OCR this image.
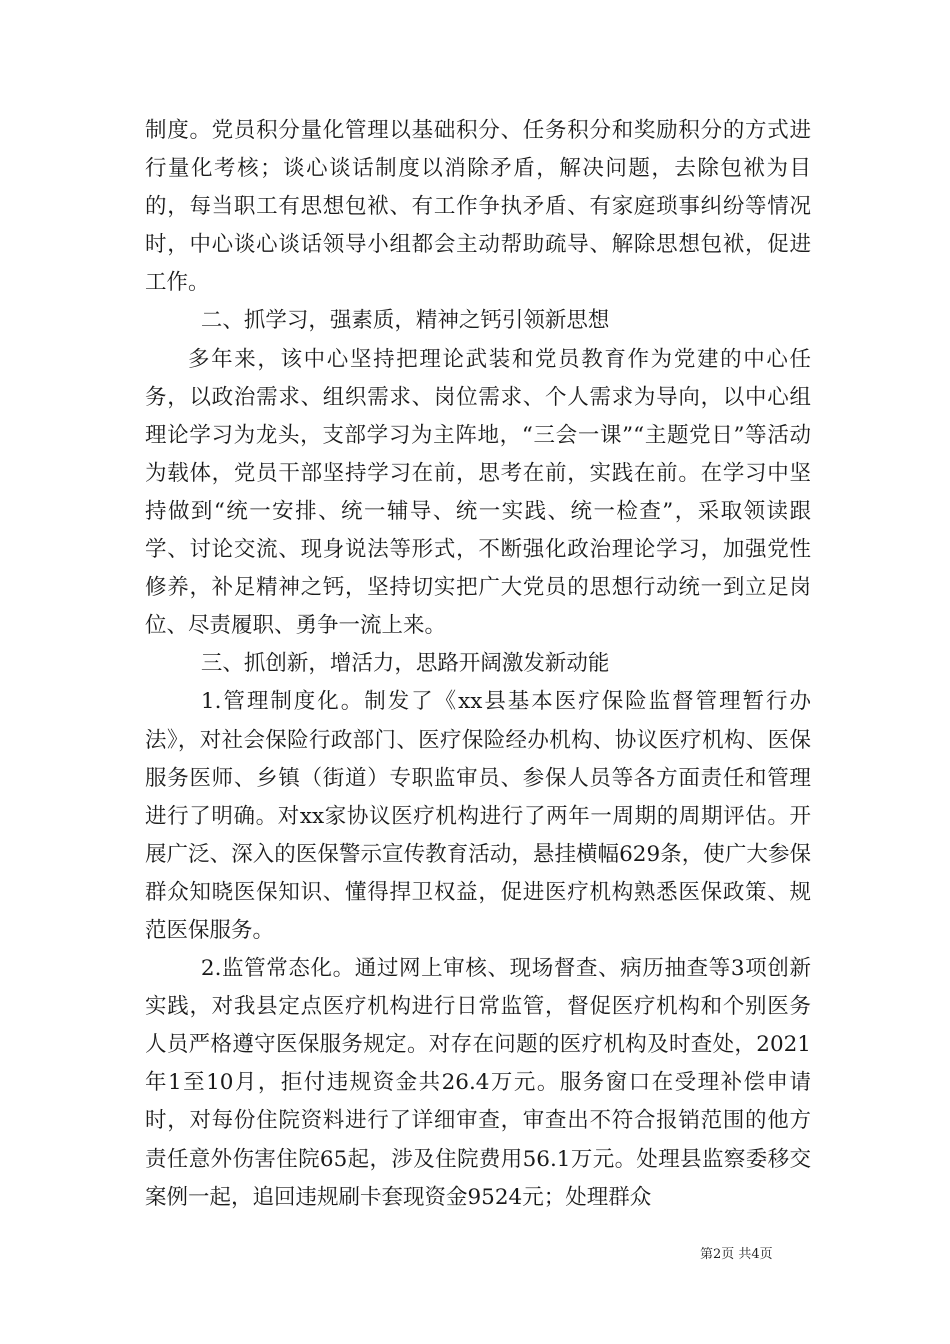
制度。党员积分量化管理以基础积分、任务积分和奖励积分的方式进行量化考核；谈心谈话制度以消除矛盾，解决问题，去除包袱为目的，每当职工有思想包袱、有工作争执矛盾、有家庭琐事纠纷等情况时，中心谈心谈话领导小组都会主动帮助疏导、解除思想包袱，促进工作。

二、抓学习，强素质，精神之钙引领新思想

多年来，该中心坚持把理论武装和党员教育作为党建的中心任务，以政治需求、组织需求、岗位需求、个人需求为导向，以中心组理论学习为龙头，支部学习为主阵地，“三会一课”“主题党日”等活动为载体，党员干部坚持学习在前，思考在前，实践在前。在学习中坚持做到“统一安排、统一辅导、统一实践、统一检查”，采取领读跟学、讨论交流、现身说法等形式，不断强化政治理论学习，加强党性修养，补足精神之钙，坚持切实把广大党员的思想行动统一到立足岗位、尽责履职、勇争一流上来。

三、抓创新，增活力，思路开阔激发新动能

1.管理制度化。制发了《xx县基本医疗保险监督管理暂行办法》，对社会保险行政部门、医疗保险经办机构、协议医疗机构、医保服务医师、乡镇（街道）专职监审员、参保人员等各方面责任和管理进行了明确。对xx家协议医疗机构进行了两年一周期的周期评估。开展广泛、深入的医保警示宣传教育活动，悬挂横幅629条，使广大参保群众知晓医保知识、懂得捍卫权益，促进医疗机构熟悉医保政策、规范医保服务。

2.监管常态化。通过网上审核、现场督查、病历抽查等3项创新实践，对我县定点医疗机构进行日常监管，督促医疗机构和个别医务人员严格遵守医保服务规定。对存在问题的医疗机构及时查处，2021年1至10月，拒付违规资金共26.4万元。服务窗口在受理补偿申请时，对每份住院资料进行了详细审查，审查出不符合报销范围的他方责任意外伤害住院65起，涉及住院费用56.1万元。处理县监察委移交案例一起，追回违规刷卡套现资金9524元；处理群众

第2页 共4页
